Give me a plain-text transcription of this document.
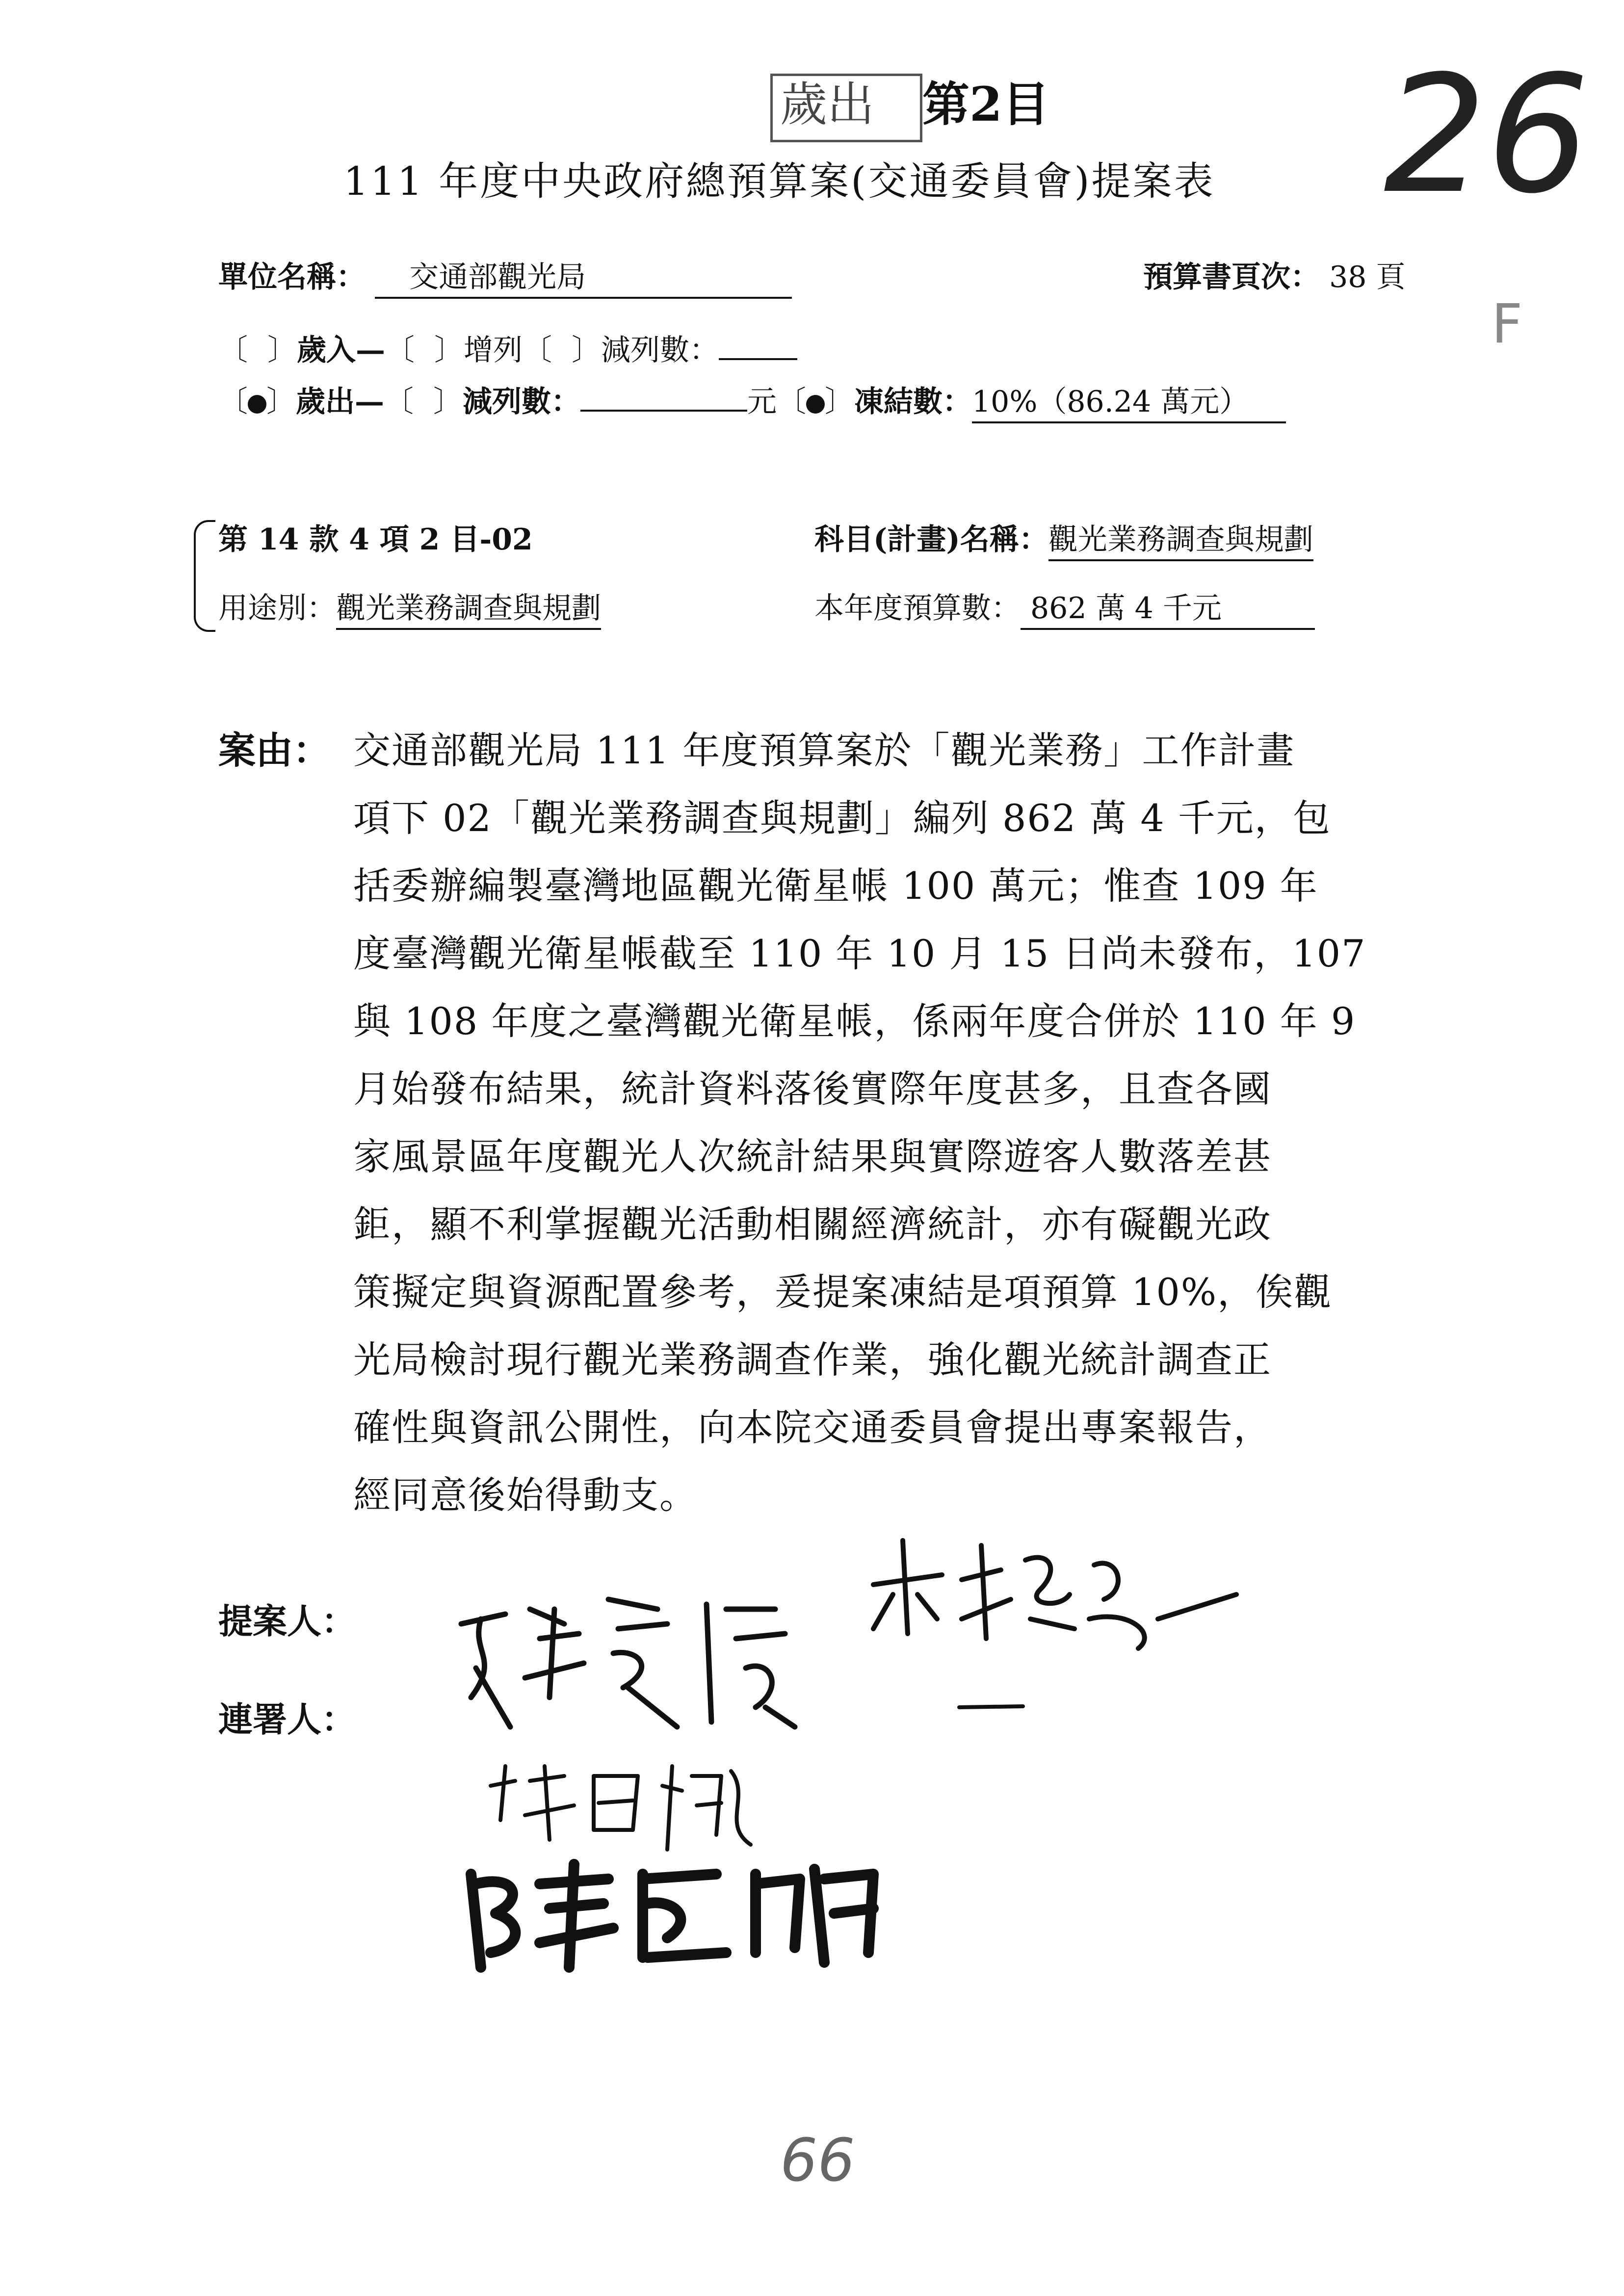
歲出 第2目 26
F
111 年度中央政府總預算案(交通委員會)提案表
單位名稱： 交通部觀光局	預算書頁次： 38 頁
〔 〕歲入—〔 〕增列〔 〕減列數：
〔 〕歲出—〔 〕減列數：	元〔 〕凍結數：10%（86.24 萬元）
第 14 款 4 項 2 目-02	科目(計畫)名稱：觀光業務調查與規劃
用途別：觀光業務調查與規劃	本年度預算數： 862 萬 4 千元
案由： 交通部觀光局 111 年度預算案於「觀光業務」工作計畫
項下 02「觀光業務調查與規劃」編列 862 萬 4 千元，包
括委辦編製臺灣地區觀光衛星帳 100 萬元；惟查 109 年
度臺灣觀光衛星帳截至 110 年 10 月 15 日尚未發布，107
與 108 年度之臺灣觀光衛星帳，係兩年度合併於 110 年 9
月始發布結果，統計資料落後實際年度甚多，且查各國
家風景區年度觀光人次統計結果與實際遊客人數落差甚
鉅，顯不利掌握觀光活動相關經濟統計，亦有礙觀光政
策擬定與資源配置參考，爰提案凍結是項預算 10%，俟觀
光局檢討現行觀光業務調查作業，強化觀光統計調查正
確性與資訊公開性，向本院交通委員會提出專案報告，
經同意後始得動支。
提案人：
連署人：
66
